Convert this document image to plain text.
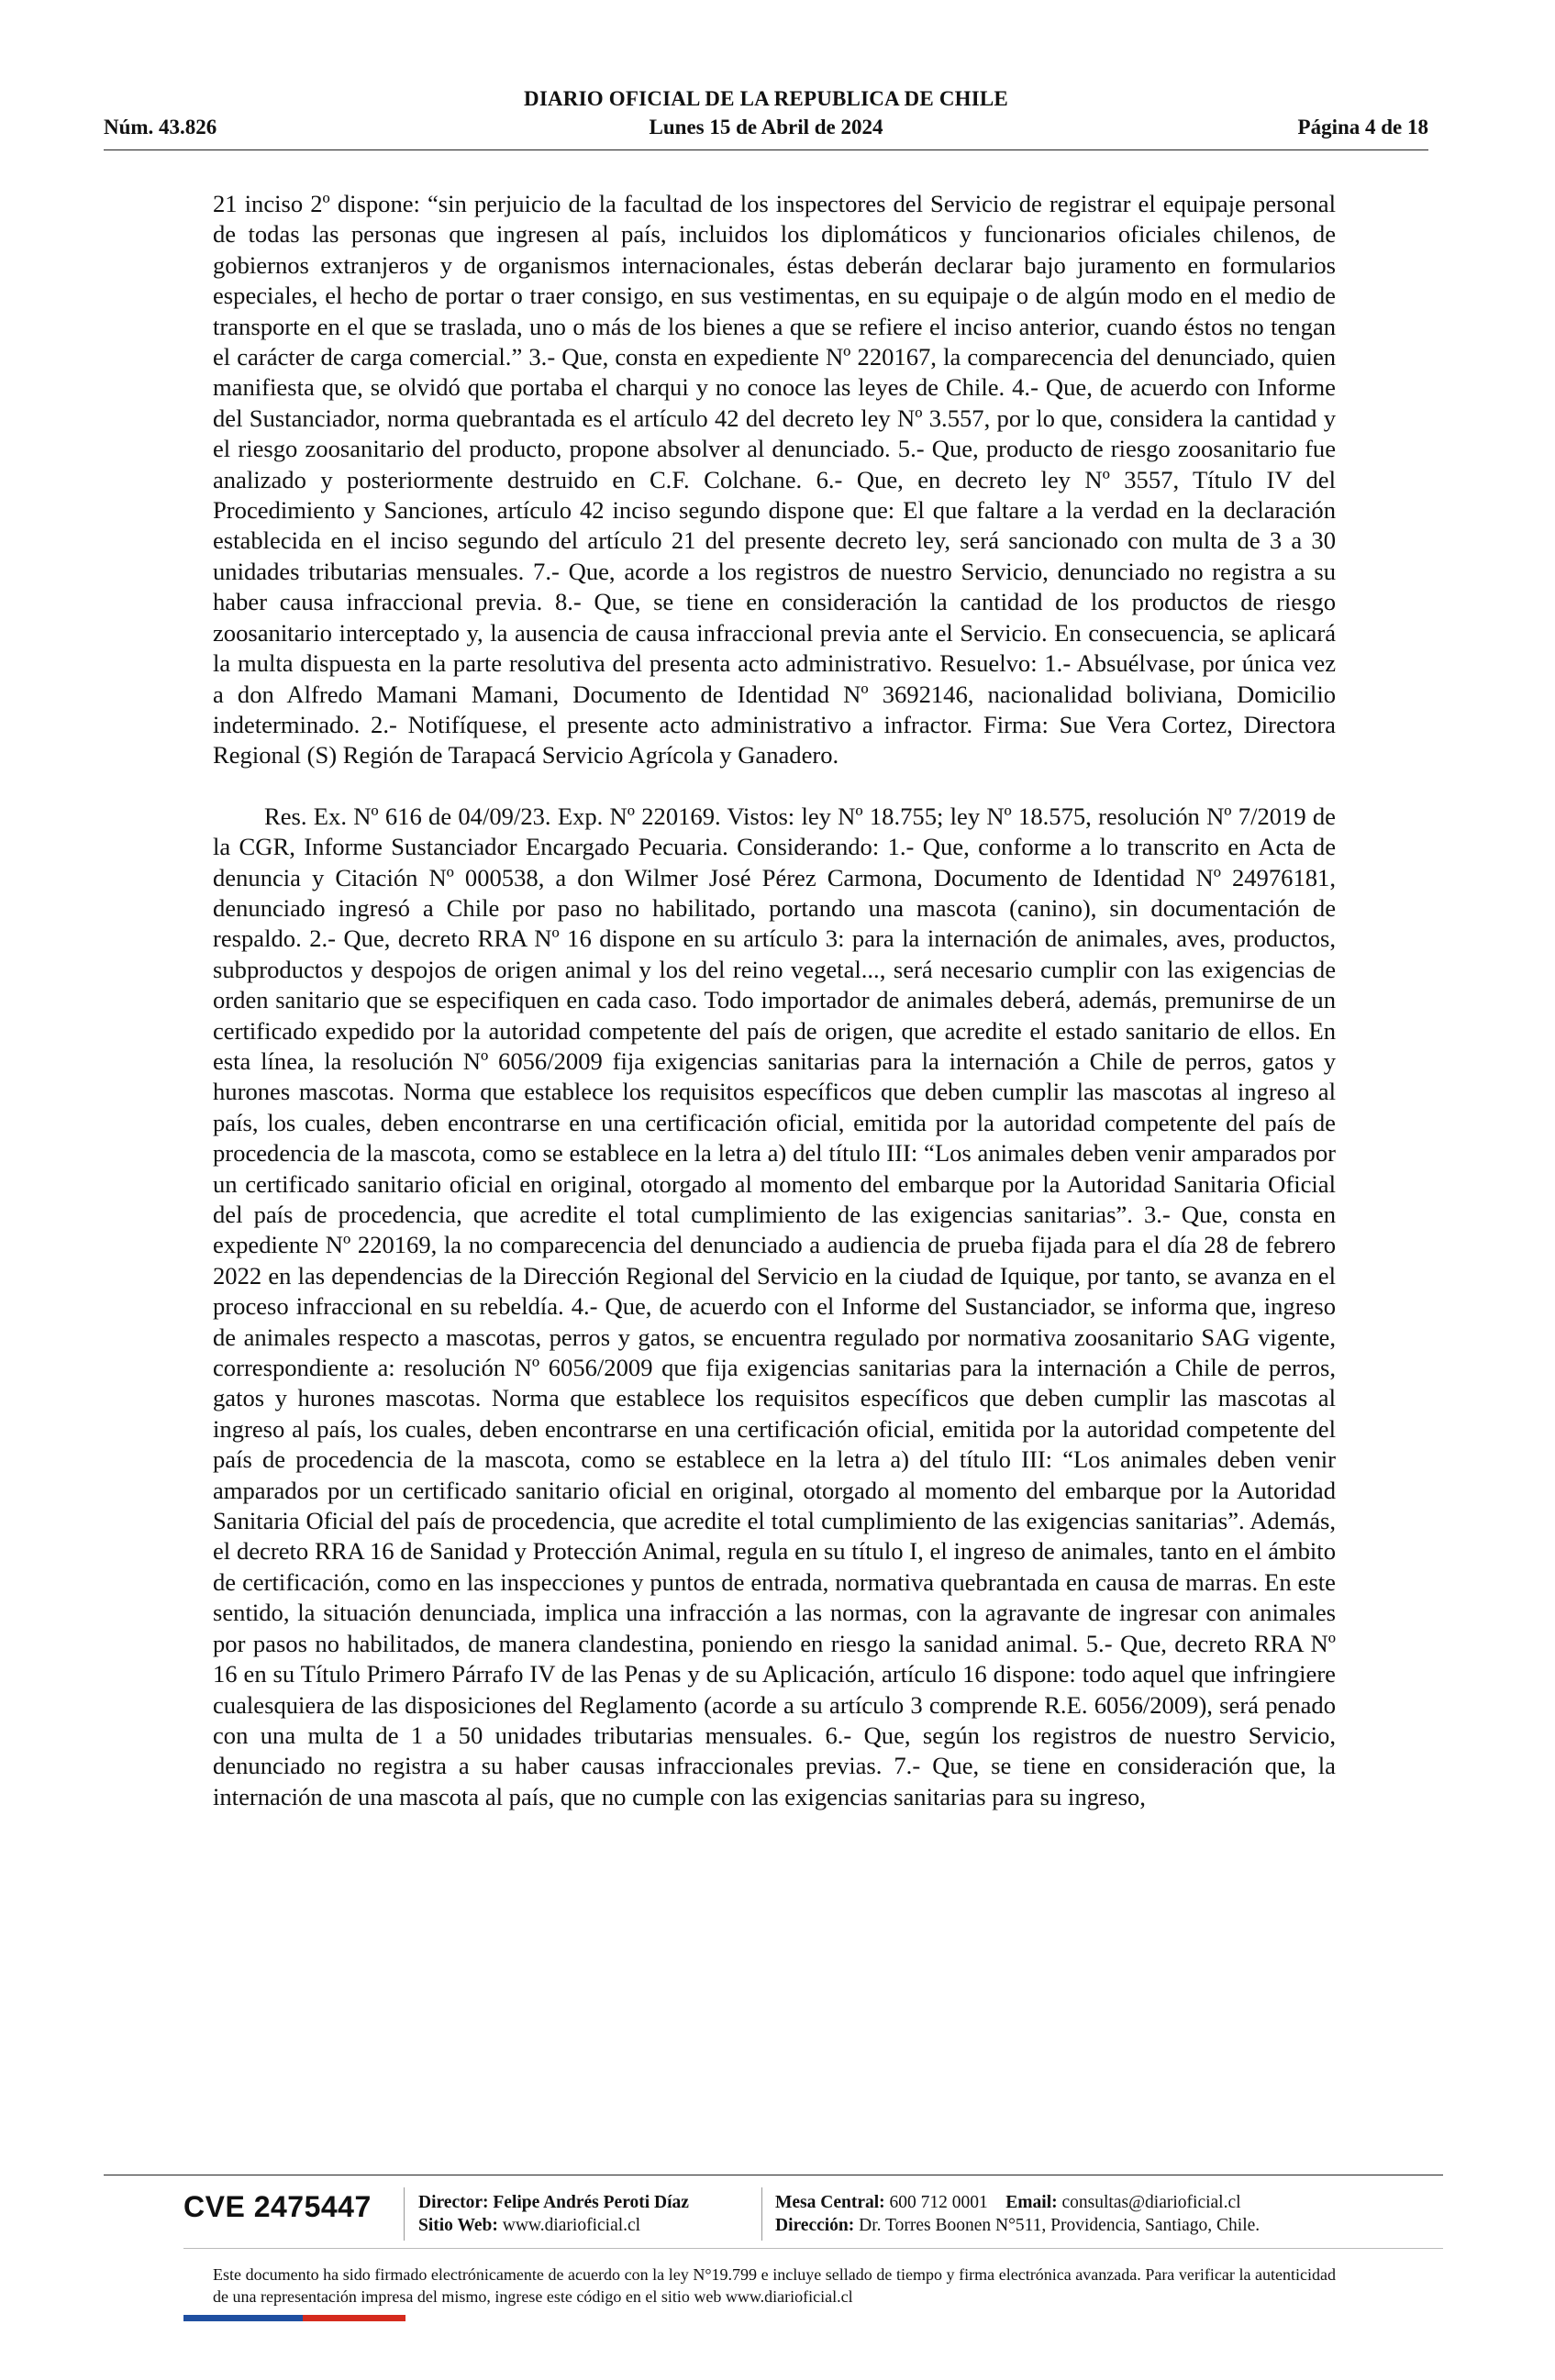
DIARIO OFICIAL DE LA REPUBLICA DE CHILE
Núm. 43.826	Lunes 15 de Abril de 2024	Página 4 de 18

21 inciso 2º dispone: “sin perjuicio de la facultad de los inspectores del Servicio de registrar el equipaje personal de todas las personas que ingresen al país, incluidos los diplomáticos y funcionarios oficiales chilenos, de gobiernos extranjeros y de organismos internacionales, éstas deberán declarar bajo juramento en formularios especiales, el hecho de portar o traer consigo, en sus vestimentas, en su equipaje o de algún modo en el medio de transporte en el que se traslada, uno o más de los bienes a que se refiere el inciso anterior, cuando éstos no tengan el carácter de carga comercial.” 3.- Que, consta en expediente Nº 220167, la comparecencia del denunciado, quien manifiesta que, se olvidó que portaba el charqui y no conoce las leyes de Chile. 4.- Que, de acuerdo con Informe del Sustanciador, norma quebrantada es el artículo 42 del decreto ley Nº 3.557, por lo que, considera la cantidad y el riesgo zoosanitario del producto, propone absolver al denunciado. 5.- Que, producto de riesgo zoosanitario fue analizado y posteriormente destruido en C.F. Colchane. 6.- Que, en decreto ley Nº 3557, Título IV del Procedimiento y Sanciones, artículo 42 inciso segundo dispone que: El que faltare a la verdad en la declaración establecida en el inciso segundo del artículo 21 del presente decreto ley, será sancionado con multa de 3 a 30 unidades tributarias mensuales. 7.- Que, acorde a los registros de nuestro Servicio, denunciado no registra a su haber causa infraccional previa. 8.- Que, se tiene en consideración la cantidad de los productos de riesgo zoosanitario interceptado y, la ausencia de causa infraccional previa ante el Servicio. En consecuencia, se aplicará la multa dispuesta en la parte resolutiva del presenta acto administrativo. Resuelvo: 1.- Absuélvase, por única vez a don Alfredo Mamani Mamani, Documento de Identidad Nº 3692146, nacionalidad boliviana, Domicilio indeterminado. 2.- Notifíquese, el presente acto administrativo a infractor. Firma: Sue Vera Cortez, Directora Regional (S) Región de Tarapacá Servicio Agrícola y Ganadero.

Res. Ex. Nº 616 de 04/09/23. Exp. Nº 220169. Vistos: ley Nº 18.755; ley Nº 18.575, resolución Nº 7/2019 de la CGR, Informe Sustanciador Encargado Pecuaria. Considerando: 1.- Que, conforme a lo transcrito en Acta de denuncia y Citación Nº 000538, a don Wilmer José Pérez Carmona, Documento de Identidad Nº 24976181, denunciado ingresó a Chile por paso no habilitado, portando una mascota (canino), sin documentación de respaldo. 2.- Que, decreto RRA Nº 16 dispone en su artículo 3: para la internación de animales, aves, productos, subproductos y despojos de origen animal y los del reino vegetal..., será necesario cumplir con las exigencias de orden sanitario que se especifiquen en cada caso. Todo importador de animales deberá, además, premunirse de un certificado expedido por la autoridad competente del país de origen, que acredite el estado sanitario de ellos. En esta línea, la resolución Nº 6056/2009 fija exigencias sanitarias para la internación a Chile de perros, gatos y hurones mascotas. Norma que establece los requisitos específicos que deben cumplir las mascotas al ingreso al país, los cuales, deben encontrarse en una certificación oficial, emitida por la autoridad competente del país de procedencia de la mascota, como se establece en la letra a) del título III: “Los animales deben venir amparados por un certificado sanitario oficial en original, otorgado al momento del embarque por la Autoridad Sanitaria Oficial del país de procedencia, que acredite el total cumplimiento de las exigencias sanitarias”. 3.- Que, consta en expediente Nº 220169, la no comparecencia del denunciado a audiencia de prueba fijada para el día 28 de febrero 2022 en las dependencias de la Dirección Regional del Servicio en la ciudad de Iquique, por tanto, se avanza en el proceso infraccional en su rebeldía. 4.- Que, de acuerdo con el Informe del Sustanciador, se informa que, ingreso de animales respecto a mascotas, perros y gatos, se encuentra regulado por normativa zoosanitario SAG vigente, correspondiente a: resolución Nº 6056/2009 que fija exigencias sanitarias para la internación a Chile de perros, gatos y hurones mascotas. Norma que establece los requisitos específicos que deben cumplir las mascotas al ingreso al país, los cuales, deben encontrarse en una certificación oficial, emitida por la autoridad competente del país de procedencia de la mascota, como se establece en la letra a) del título III: “Los animales deben venir amparados por un certificado sanitario oficial en original, otorgado al momento del embarque por la Autoridad Sanitaria Oficial del país de procedencia, que acredite el total cumplimiento de las exigencias sanitarias”. Además, el decreto RRA 16 de Sanidad y Protección Animal, regula en su título I, el ingreso de animales, tanto en el ámbito de certificación, como en las inspecciones y puntos de entrada, normativa quebrantada en causa de marras. En este sentido, la situación denunciada, implica una infracción a las normas, con la agravante de ingresar con animales por pasos no habilitados, de manera clandestina, poniendo en riesgo la sanidad animal. 5.- Que, decreto RRA Nº 16 en su Título Primero Párrafo IV de las Penas y de su Aplicación, artículo 16 dispone: todo aquel que infringiere cualesquiera de las disposiciones del Reglamento (acorde a su artículo 3 comprende R.E. 6056/2009), será penado con una multa de 1 a 50 unidades tributarias mensuales. 6.- Que, según los registros de nuestro Servicio, denunciado no registra a su haber causas infraccionales previas. 7.- Que, se tiene en consideración que, la internación de una mascota al país, que no cumple con las exigencias sanitarias para su ingreso,

CVE 2475447	Director: Felipe Andrés Peroti Díaz
Sitio Web: www.diarioficial.cl
Mesa Central: 600 712 0001 Email: consultas@diarioficial.cl
Dirección: Dr. Torres Boonen N°511, Providencia, Santiago, Chile.
Este documento ha sido firmado electrónicamente de acuerdo con la ley N°19.799 e incluye sellado de tiempo y firma electrónica avanzada. Para verificar la autenticidad de una representación impresa del mismo, ingrese este código en el sitio web www.diarioficial.cl
